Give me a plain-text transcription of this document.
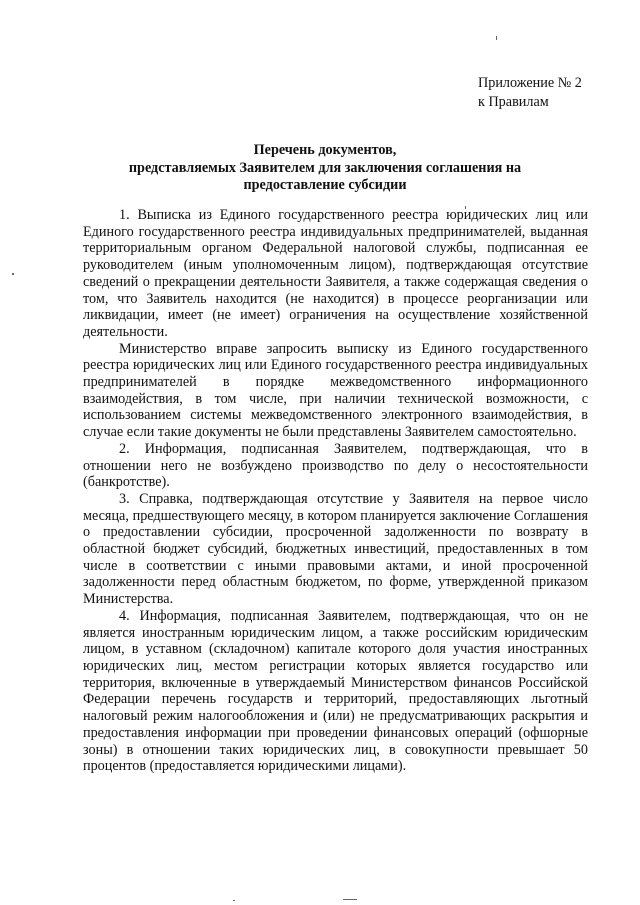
Приложение № 2
к Правилам
Перечень документов,
представляемых Заявителем для заключения соглашения на
предоставление субсидии

1. Выписка из Единого государственного реестра юридических лиц или Единого государственного реестра индивидуальных предпринимателей, выданная территориальным органом Федеральной налоговой службы, подписанная ее руководителем (иным уполномоченным лицом), подтверждающая отсутствие сведений о прекращении деятельности Заявителя, а также содержащая сведения о том, что Заявитель находится (не находится) в процессе реорганизации или ликвидации, имеет (не имеет) ограничения на осуществление хозяйственной деятельности.

Министерство вправе запросить выписку из Единого государственного реестра юридических лиц или Единого государственного реестра индивидуальных предпринимателей в порядке межведомственного информационного взаимодействия, в том числе, при наличии технической возможности, с использованием системы межведомственного электронного взаимодействия, в случае если такие документы не были представлены Заявителем самостоятельно.

2. Информация, подписанная Заявителем, подтверждающая, что в отношении него не возбуждено производство по делу о несостоятельности (банкротстве).

3. Справка, подтверждающая отсутствие у Заявителя на первое число месяца, предшествующего месяцу, в котором планируется заключение Соглашения о предоставлении субсидии, просроченной задолженности по возврату в областной бюджет субсидий, бюджетных инвестиций, предоставленных в том числе в соответствии с иными правовыми актами, и иной просроченной задолженности перед областным бюджетом, по форме, утвержденной приказом Министерства.

4. Информация, подписанная Заявителем, подтверждающая, что он не является иностранным юридическим лицом, а также российским юридическим лицом, в уставном (складочном) капитале которого доля участия иностранных юридических лиц, местом регистрации которых является государство или территория, включенные в утверждаемый Министерством финансов Российской Федерации перечень государств и территорий, предоставляющих льготный налоговый режим налогообложения и (или) не предусматривающих раскрытия и предоставления информации при проведении финансовых операций (офшорные зоны) в отношении таких юридических лиц, в совокупности превышает 50 процентов (предоставляется юридическими лицами).
